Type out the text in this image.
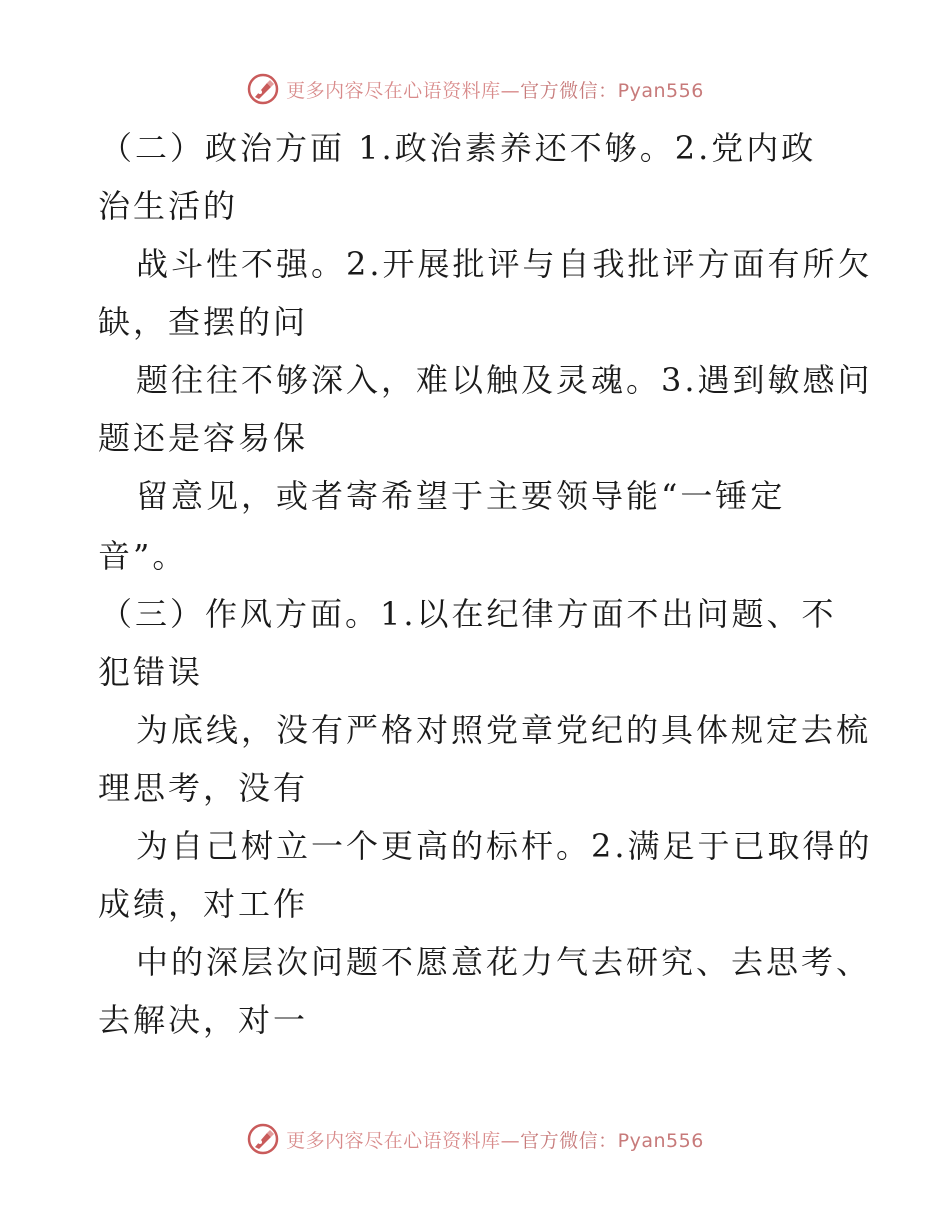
更多内容尽在心语资料库—官方微信：Pyan556
（二）政治方面 1.政治素养还不够。2.党内政
治生活的
战斗性不强。2.开展批评与自我批评方面有所欠
缺，查摆的问
题往往不够深入，难以触及灵魂。3.遇到敏感问
题还是容易保
留意见，或者寄希望于主要领导能“一锤定
音”。
（三）作风方面。1.以在纪律方面不出问题、不
犯错误
为底线，没有严格对照党章党纪的具体规定去梳
理思考，没有
为自己树立一个更高的标杆。2.满足于已取得的
成绩，对工作
中的深层次问题不愿意花力气去研究、去思考、
去解决，对一
更多内容尽在心语资料库—官方微信：Pyan556
